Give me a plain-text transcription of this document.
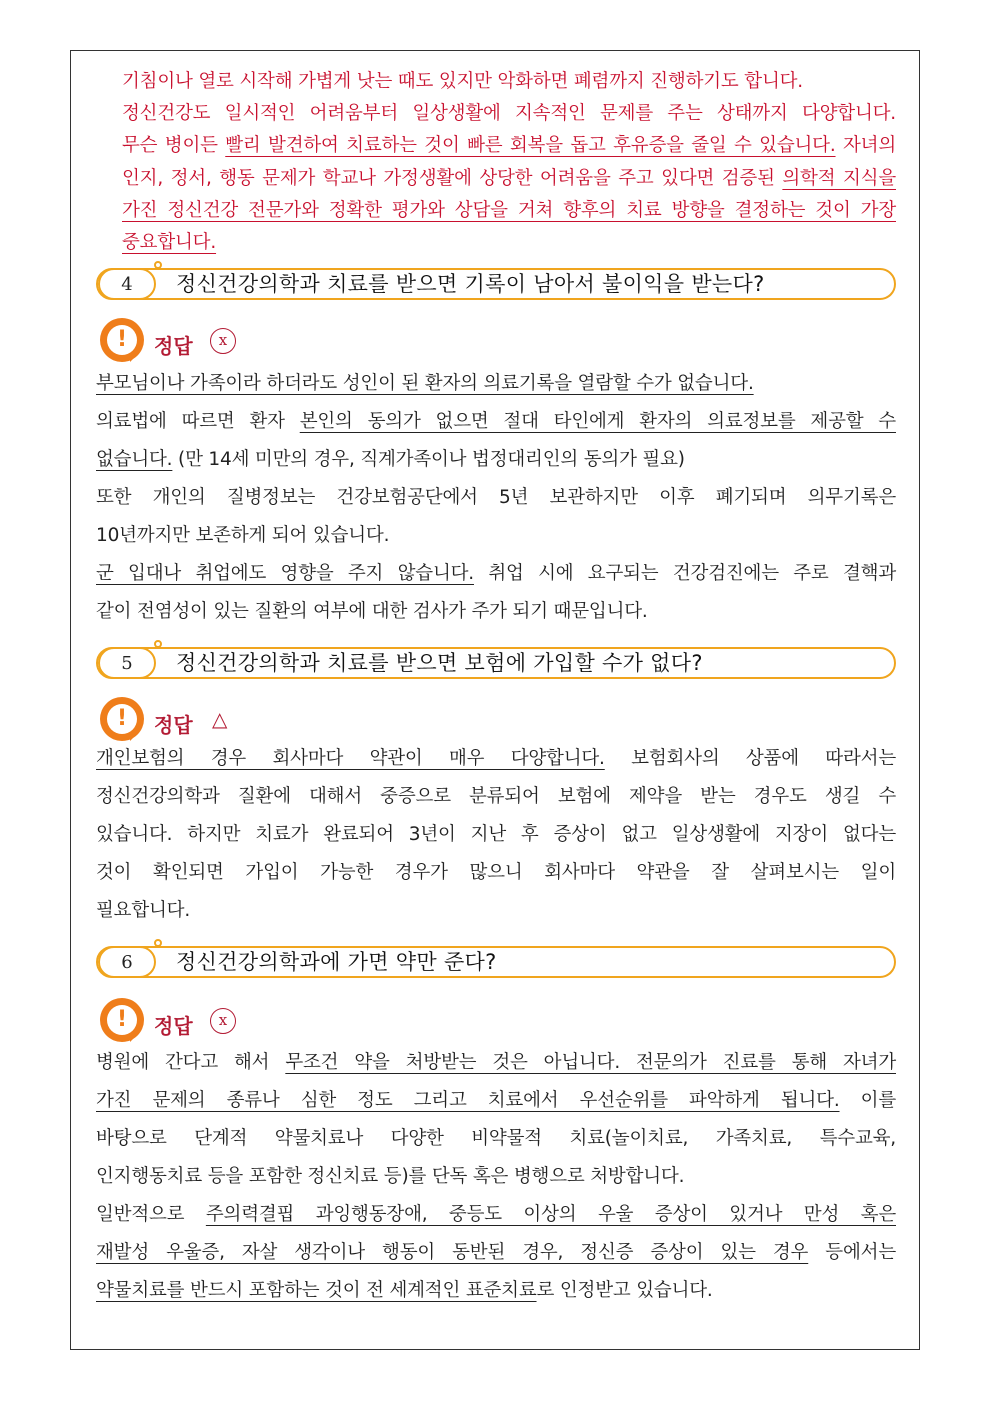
기침이나 열로 시작해 가볍게 낫는 때도 있지만 악화하면 폐렴까지 진행하기도 합니다.

정신건강도 일시적인 어려움부터 일상생활에 지속적인 문제를 주는 상태까지 다양합니다.

무슨 병이든 빨리 발견하여 치료하는 것이 빠른 회복을 돕고 후유증을 줄일 수 있습니다. 자녀의

인지, 정서, 행동 문제가 학교나 가정생활에 상당한 어려움을 주고 있다면 검증된 의학적 지식을

가진 정신건강 전문가와 정확한 평가와 상담을 거쳐 향후의 치료 방향을 결정하는 것이 가장

중요합니다.

4	정신건강의학과 치료를 받으면 기록이 남아서 불이익을 받는다?
!	정답	x

부모님이나 가족이라 하더라도 성인이 된 환자의 의료기록을 열람할 수가 없습니다.

의료법에 따르면 환자 본인의 동의가 없으면 절대 타인에게 환자의 의료정보를 제공할 수

없습니다. (만 14세 미만의 경우, 직계가족이나 법정대리인의 동의가 필요)

또한 개인의 질병정보는 건강보험공단에서 5년 보관하지만 이후 폐기되며 의무기록은

10년까지만 보존하게 되어 있습니다.

군 입대나 취업에도 영향을 주지 않습니다. 취업 시에 요구되는 건강검진에는 주로 결핵과

같이 전염성이 있는 질환의 여부에 대한 검사가 주가 되기 때문입니다.

5	정신건강의학과 치료를 받으면 보험에 가입할 수가 없다?
!	정답 △

개인보험의 경우 회사마다 약관이 매우 다양합니다. 보험회사의 상품에 따라서는

정신건강의학과 질환에 대해서 중증으로 분류되어 보험에 제약을 받는 경우도 생길 수

있습니다. 하지만 치료가 완료되어 3년이 지난 후 증상이 없고 일상생활에 지장이 없다는

것이 확인되면 가입이 가능한 경우가 많으니 회사마다 약관을 잘 살펴보시는 일이

필요합니다.

6	정신건강의학과에 가면 약만 준다?
!	정답	x

병원에 간다고 해서 무조건 약을 처방받는 것은 아닙니다. 전문의가 진료를 통해 자녀가

가진 문제의 종류나 심한 정도 그리고 치료에서 우선순위를 파악하게 됩니다. 이를

바탕으로 단계적 약물치료나 다양한 비약물적 치료(놀이치료, 가족치료, 특수교육,

인지행동치료 등을 포함한 정신치료 등)를 단독 혹은 병행으로 처방합니다.

일반적으로 주의력결핍 과잉행동장애, 중등도 이상의 우울 증상이 있거나 만성 혹은

재발성 우울증, 자살 생각이나 행동이 동반된 경우, 정신증 증상이 있는 경우 등에서는

약물치료를 반드시 포함하는 것이 전 세계적인 표준치료로 인정받고 있습니다.
